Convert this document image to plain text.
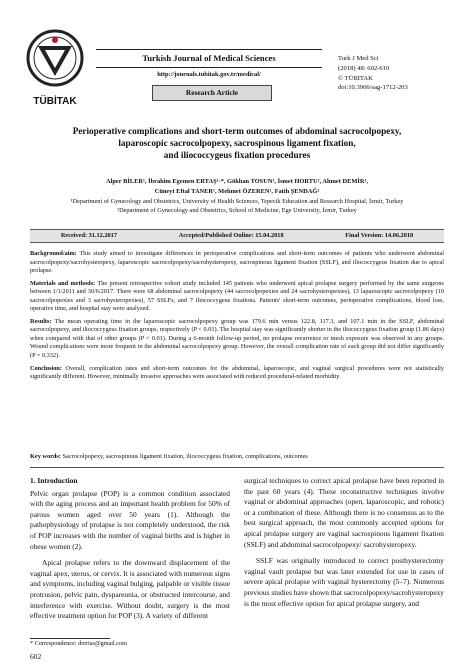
TÜBİTAK
Turkish Journal of Medical Sciences
http://journals.tubitak.gov.tr/medical/
Research Article
Turk J Med Sci
(2018) 48: 602-610
© TÜBİTAK
doi:10.3906/sag-1712-203
Perioperative complications and short-term outcomes of abdominal sacrocolpopexy,
laparoscopic sacrocolpopexy, sacrospinous ligament fixation,
and iliococcygeus fixation procedures
Alper BİLER¹, İbrahim Egemen ERTAŞ¹·*, Gökhan TOSUN¹, İsmet HORTU², Ahmet DEMİR¹,
Cüneyt Eftal TANER¹, Mehmet ÖZEREN¹, Fatih ŞENDAĞ²
¹Department of Gynecology and Obstetrics, University of Health Sciences, Tepecik Education and Research Hospital, İzmir, Turkey
²Department of Gynecology and Obstetrics, School of Medicine, Ege University, İzmir, Turkey
Received: 31.12.2017	Accepted/Published Online: 15.04.2018	Final Version: 14.06.2018

Background/aim: This study aimed to investigate differences in perioperative complications and short-term outcomes of patients who underwent abdominal sacrocolpopexy/sacrohysteropexy, laparoscopic sacrocolpopexy/sacrohysteropexy, sacrospinous ligament fixation (SSLF), and iliococcygeus fixation due to apical prolapse.

Materials and methods: The present retrospective cohort study included 145 patients who underwent apical prolapse surgery performed by the same surgeons between 1/1/2011 and 30/6/2017. There were 68 abdominal sacrocolpopexy (44 sacrocolpopexies and 24 sacrohysteropexies), 13 laparoscopic sacrocolpopexy (10 sacrocolpopexies and 3 sacrohysteropexies), 57 SSLFs, and 7 iliococcygeus fixations. Patients' short-term outcomes, perioperative complications, blood loss, operative time, and hospital stay were analyzed.

Results: The mean operating time in the laparoscopic sacrocolpopexy group was 179.6 min versus 122.8, 117.3, and 107.1 min in the SSLF, abdominal sacrocolpopexy, and iliococcygeus fixation groups, respectively (P < 0.01). The hospital stay was significantly shorter in the iliococcygeus fixation group (1.86 days) when compared with that of other groups (P < 0.01). During a 6-month follow-up period, no prolapse recurrence or mesh exposure was observed in any groups. Wound complications were more frequent in the abdominal sacrocolpopexy group. However, the overall complication rate of each group did not differ significantly (P = 0.332).

Conclusion: Overall, complication rates and short-term outcomes for the abdominal, laparoscopic, and vaginal surgical procedures were not statistically significantly different. However, minimally invasive approaches were associated with reduced procedural-related morbidity.

Key words: Sacrocolpopexy, sacrospinous ligament fixation, iliococcygeus fixation, complications, outcomes
1. Introduction

Pelvic organ prolapse (POP) is a common condition associated with the aging process and an important health problem for 50% of parous women aged over 50 years (1). Although the pathophysiology of prolapse is not completely understood, the risk of POP increases with the number of vaginal births and is higher in obese women (2).

Apical prolapse refers to the downward displacement of the vaginal apex, uterus, or cervix. It is associated with numerous signs and symptoms, including vaginal bulging, palpable or visible tissue protrusion, pelvic pain, dyspareunia, or obstructed intercourse, and interference with exercise. Without doubt, surgery is the most effective treatment option for POP (3). A variety of different

surgical techniques to correct apical prolapse have been reported in the past 60 years (4). These reconstructive techniques involve vaginal or abdominal approaches (open, laparoscopic, and robotic) or a combination of these. Although there is no consensus as to the best surgical approach, the most commonly accepted options for apical prolapse surgery are vaginal sacrospinous ligament fixation (SSLF) and abdominal sacrocolpopexy/ sacrohysteropexy.

SSLF was originally introduced to correct posthysterectomy vaginal vault prolapse but was later extended for use in cases of severe apical prolapse with vaginal hysterectomy (5–7). Numerous previous studies have shown that sacrocolpopexy/sacrohysteropexy is the most effective option for apical prolapse surgery, and

* Correspondence: drertas@gmail.com
602
